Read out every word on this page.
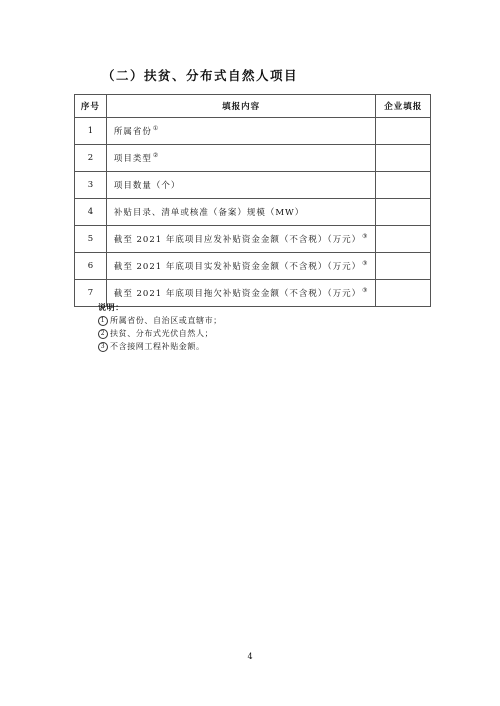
（二）扶贫、分布式自然人项目
序号	填报内容	企业填报
1	所属省份①	
2	项目类型②	
3	项目数量（个）	
4	补贴目录、清单或核准（备案）规模（MW）	
5	截至 2021 年底项目应发补贴资金金额（不含税）（万元）③	
6	截至 2021 年底项目实发补贴资金金额（不含税）（万元）③	
7	截至 2021 年底项目拖欠补贴资金金额（不含税）（万元）③	
说明：
1 所属省份、自治区或直辖市；
2 扶贫、分布式光伏自然人；
3 不含接网工程补贴金额。
4
